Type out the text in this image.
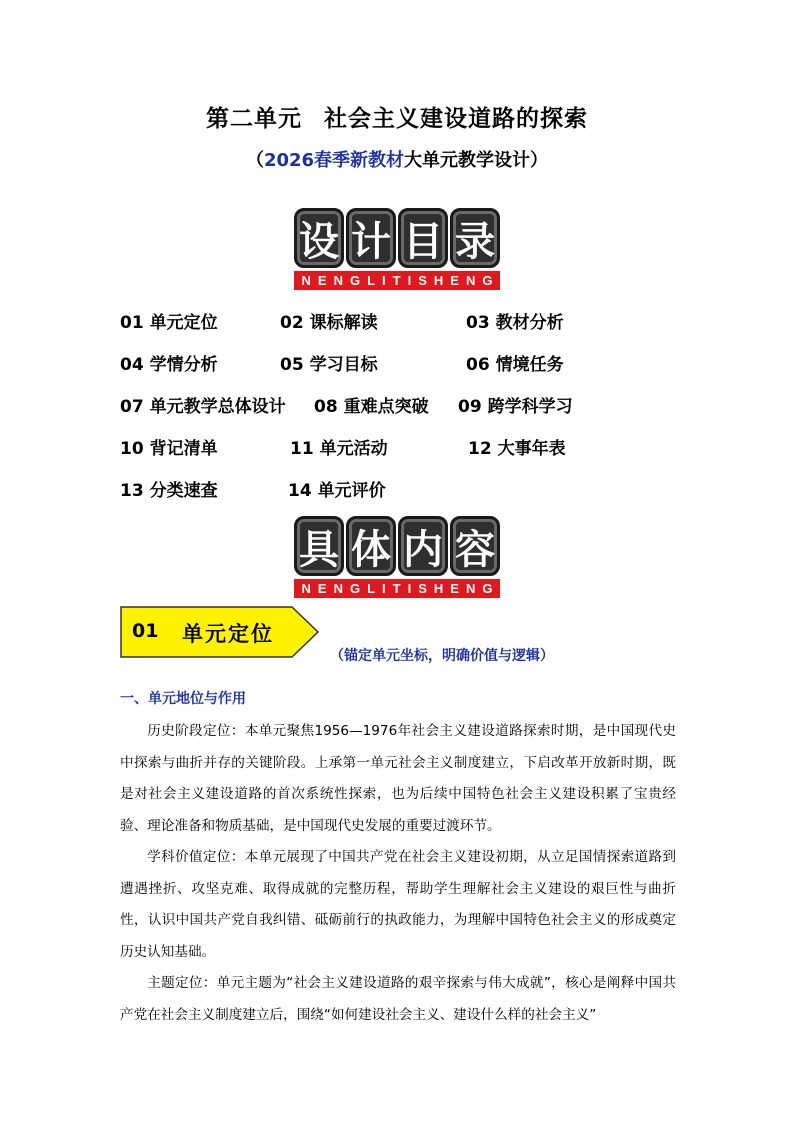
第二单元 社会主义建设道路的探索
（2026春季新教材大单元教学设计）
设 计 目 录
NENGLITISHENG
01 单元定位	02 课标解读	03 教材分析
04 学情分析	05 学习目标	06 情境任务
07 单元教学总体设计 08 重难点突破 09 跨学科学习
10 背记清单	11 单元活动	12 大事年表
13 分类速查	14 单元评价
具 体 内 容
NENGLITISHENG
01 单元定位
（锚定单元坐标，明确价值与逻辑）
一、单元地位与作用
历史阶段定位：本单元聚焦1956—1976年社会主义建设道路探索时期，是中国现代史中探索与曲折并存的关键阶段。上承第一单元社会主义制度建立，下启改革开放新时期，既是对社会主义建设道路的首次系统性探索，也为后续中国特色社会主义建设积累了宝贵经验、理论准备和物质基础，是中国现代史发展的重要过渡环节。
学科价值定位：本单元展现了中国共产党在社会主义建设初期，从立足国情探索道路到遭遇挫折、攻坚克难、取得成就的完整历程，帮助学生理解社会主义建设的艰巨性与曲折性，认识中国共产党自我纠错、砥砺前行的执政能力，为理解中国特色社会主义的形成奠定历史认知基础。
主题定位：单元主题为“社会主义建设道路的艰辛探索与伟大成就”，核心是阐释中国共产党在社会主义制度建立后，围绕“如何建设社会主义、建设什么样的社会主义”
